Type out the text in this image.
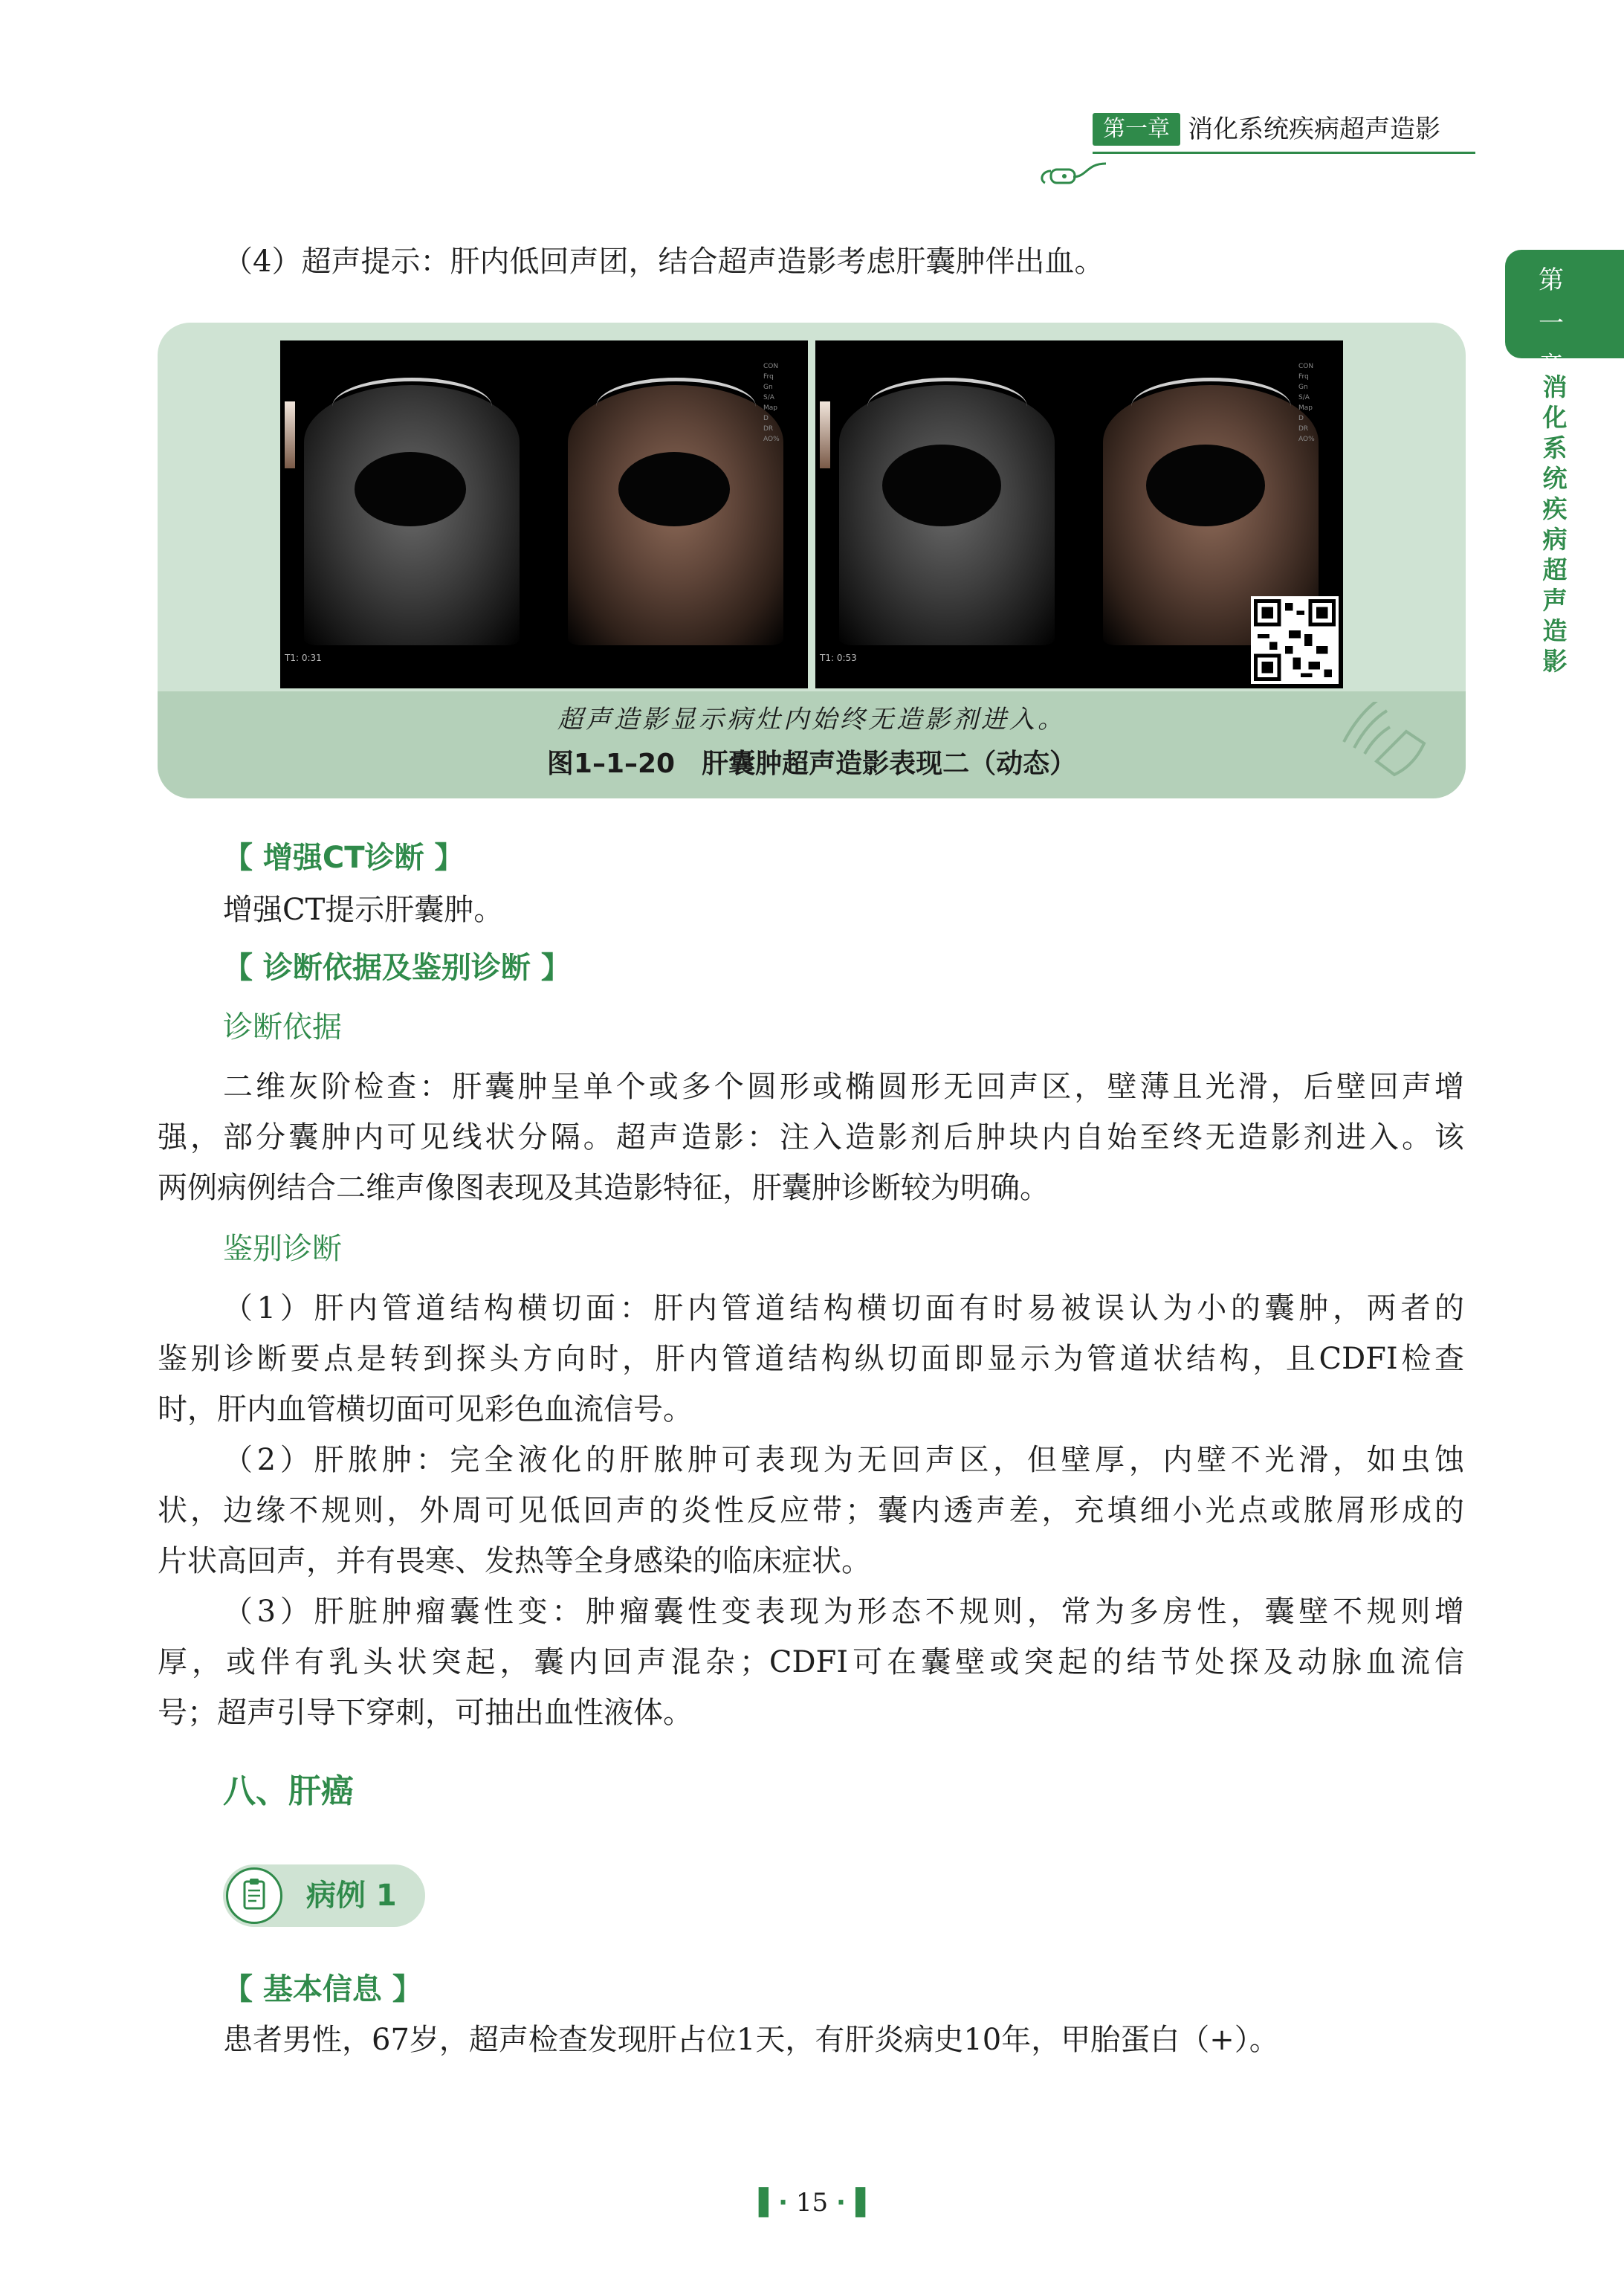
第一章 消化系统疾病超声造影
第一章
消化系统疾病超声造影
（4）超声提示：肝内低回声团，结合超声造影考虑肝囊肿伴出血。
CON
Frq
Gn
S/A
Map
D
DR
AO%
T1: 0:31
CON
Frq
Gn
S/A
Map
D
DR
AO%
T1: 0:53
超声造影显示病灶内始终无造影剂进入。
图1–1–20　肝囊肿超声造影表现二（动态）
【 增强CT诊断 】
增强CT提示肝囊肿。
【 诊断依据及鉴别诊断 】
诊断依据
二维灰阶检查：肝囊肿呈单个或多个圆形或椭圆形无回声区，壁薄且光滑，后壁回声增
强，部分囊肿内可见线状分隔。超声造影：注入造影剂后肿块内自始至终无造影剂进入。该
两例病例结合二维声像图表现及其造影特征，肝囊肿诊断较为明确。
鉴别诊断
（1）肝内管道结构横切面：肝内管道结构横切面有时易被误认为小的囊肿，两者的
鉴别诊断要点是转到探头方向时，肝内管道结构纵切面即显示为管道状结构，且CDFI检查
时，肝内血管横切面可见彩色血流信号。
（2）肝脓肿：完全液化的肝脓肿可表现为无回声区，但壁厚，内壁不光滑，如虫蚀
状，边缘不规则，外周可见低回声的炎性反应带；囊内透声差，充填细小光点或脓屑形成的
片状高回声，并有畏寒、发热等全身感染的临床症状。
（3）肝脏肿瘤囊性变：肿瘤囊性变表现为形态不规则，常为多房性，囊壁不规则增
厚，或伴有乳头状突起，囊内回声混杂；CDFI可在囊壁或突起的结节处探及动脉血流信
号；超声引导下穿刺，可抽出血性液体。
八、肝癌
病例 1
【 基本信息 】
患者男性，67岁，超声检查发现肝占位1天，有肝炎病史10年，甲胎蛋白（+）。
▌· 15 ·▐
